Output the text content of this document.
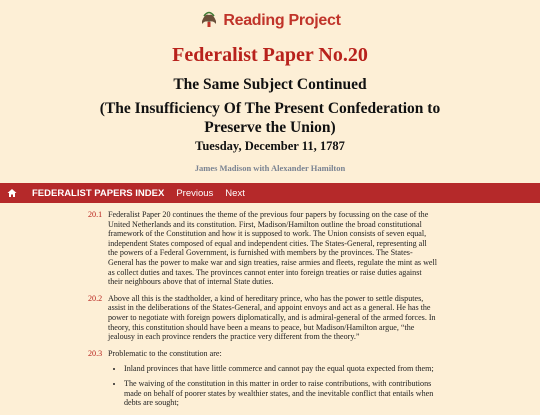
Reading Project
Federalist Paper No.20
The Same Subject Continued
(The Insufficiency Of The Present Confederation to Preserve the Union)
Tuesday, December 11, 1787
James Madison with Alexander Hamilton
FEDERALIST PAPERS INDEX	Previous	Next
20.1 Federalist Paper 20 continues the theme of the previous four papers by focussing on the case of the United Netherlands and its constitution. First, Madison/Hamilton outline the broad constitutional framework of the Constitution and how it is supposed to work. The Union consists of seven equal, independent States composed of equal and independent cities. The States-General, representing all the powers of a Federal Government, is furnished with members by the provinces. The States-General has the power to make war and sign treaties, raise armies and fleets, regulate the mint as well as collect duties and taxes. The provinces cannot enter into foreign treaties or raise duties against their neighbours above that of internal State duties.

20.2 Above all this is the stadtholder, a kind of hereditary prince, who has the power to settle disputes, assist in the deliberations of the States-General, and appoint envoys and act as a general. He has the power to negotiate with foreign powers diplomatically, and is admiral-general of the armed forces. In theory, this constitution should have been a means to peace, but Madison/Hamilton argue, “the jealousy in each province renders the practice very different from the theory.”

20.3 Problematic to the constitution are:

• Inland provinces that have little commerce and cannot pay the equal quota expected from them;
• The waiving of the constitution in this matter in order to raise contributions, with contributions made on behalf of poorer states by wealthier states, and the inevitable conflict that entails when debts are sought;
